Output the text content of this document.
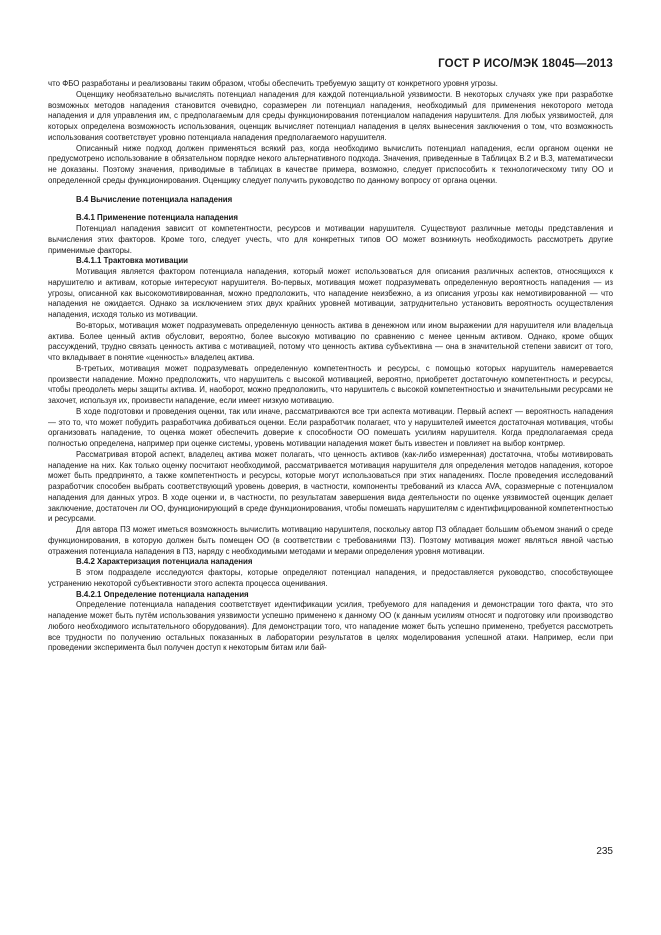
ГОСТ Р ИСО/МЭК 18045—2013

что ФБО разработаны и реализованы таким образом, чтобы обеспечить требуемую защиту от конкретного уровня угрозы.

Оценщику необязательно вычислять потенциал нападения для каждой потенциальной уязвимости. В некоторых случаях уже при разработке возможных методов нападения становится очевидно, соразмерен ли потенциал нападения, необходимый для применения некоторого метода нападения и для управления им, с предполагаемым для среды функционирования потенциалом нападения нарушителя. Для любых уязвимостей, для которых определена возможность использования, оценщик вычисляет потенциал нападения в целях вынесения заключения о том, что возможность использования соответствует уровню потенциала нападения предполагаемого нарушителя.

Описанный ниже подход должен применяться всякий раз, когда необходимо вычислить потенциал нападения, если органом оценки не предусмотрено использование в обязательном порядке некого альтернативного подхода. Значения, приведенные в Таблицах B.2 и B.3, математически не доказаны. Поэтому значения, приводимые в таблицах в качестве примера, возможно, следует приспособить к технологическому типу ОО и определенной среды функционирования. Оценщику следует получить руководство по данному вопросу от органа оценки.

B.4 Вычисление потенциала нападения
B.4.1 Применение потенциала нападения

Потенциал нападения зависит от компетентности, ресурсов и мотивации нарушителя. Существуют различные методы представления и вычисления этих факторов. Кроме того, следует учесть, что для конкретных типов ОО может возникнуть необходимость рассмотреть другие применимые факторы.

B.4.1.1 Трактовка мотивации

Мотивация является фактором потенциала нападения, который может использоваться для описания различных аспектов, относящихся к нарушителю и активам, которые интересуют нарушителя. Во-первых, мотивация может подразумевать определенную вероятность нападения — из угрозы, описанной как высокомотивированная, можно предположить, что нападение неизбежно, а из описания угрозы как немотивированной — что нападения не ожидается. Однако за исключением этих двух крайних уровней мотивации, затруднительно установить вероятность осуществления нападения, исходя только из мотивации.

Во-вторых, мотивация может подразумевать определенную ценность актива в денежном или ином выражении для нарушителя или владельца актива. Более ценный актив обусловит, вероятно, более высокую мотивацию по сравнению с менее ценным активом. Однако, кроме общих рассуждений, трудно связать ценность актива с мотивацией, потому что ценность актива субъективна — она в значительной степени зависит от того, что вкладывает в понятие «ценность» владелец актива.

В-третьих, мотивация может подразумевать определенную компетентность и ресурсы, с помощью которых нарушитель намеревается произвести нападение. Можно предположить, что нарушитель с высокой мотивацией, вероятно, приобретет достаточную компетентность и ресурсы, чтобы преодолеть меры защиты актива. И, наоборот, можно предположить, что нарушитель с высокой компетентностью и значительными ресурсами не захочет, используя их, произвести нападение, если имеет низкую мотивацию.

В ходе подготовки и проведения оценки, так или иначе, рассматриваются все три аспекта мотивации. Первый аспект — вероятность нападения — это то, что может побудить разработчика добиваться оценки. Если разработчик полагает, что у нарушителей имеется достаточная мотивация, чтобы организовать нападение, то оценка может обеспечить доверие к способности ОО помешать усилиям нарушителя. Когда предполагаемая среда полностью определена, например при оценке системы, уровень мотивации нападения может быть известен и повлияет на выбор контрмер.

Рассматривая второй аспект, владелец актива может полагать, что ценность активов (как-либо измеренная) достаточна, чтобы мотивировать нападение на них. Как только оценку посчитают необходимой, рассматривается мотивация нарушителя для определения методов нападения, которое может быть предпринято, а также компетентность и ресурсы, которые могут использоваться при этих нападениях. После проведения исследований разработчик способен выбрать соответствующий уровень доверия, в частности, компоненты требований из класса AVA, соразмерные с потенциалом нападения для данных угроз. В ходе оценки и, в частности, по результатам завершения вида деятельности по оценке уязвимостей оценщик делает заключение, достаточен ли ОО, функционирующий в среде функционирования, чтобы помешать нарушителям с идентифицированной компетентностью и ресурсами.

Для автора ПЗ может иметься возможность вычислить мотивацию нарушителя, поскольку автор ПЗ обладает большим объемом знаний о среде функционирования, в которую должен быть помещен ОО (в соответствии с требованиями ПЗ). Поэтому мотивация может являться явной частью отражения потенциала нападения в ПЗ, наряду с необходимыми методами и мерами определения уровня мотивации.

B.4.2 Характеризация потенциала нападения

В этом подразделе исследуются факторы, которые определяют потенциал нападения, и предоставляется руководство, способствующее устранению некоторой субъективности этого аспекта процесса оценивания.

B.4.2.1 Определение потенциала нападения

Определение потенциала нападения соответствует идентификации усилия, требуемого для нападения и демонстрации того факта, что это нападение может быть путём использования уязвимости успешно применено к данному ОО (к данным усилиям относят и подготовку или производство любого необходимого испытательного оборудования). Для демонстрации того, что нападение может быть успешно применено, требуется рассмотреть все трудности по получению остальных показанных в лаборатории результатов в целях моделирования успешной атаки. Например, если при проведении эксперимента был получен доступ к некоторым битам или бай-

235
